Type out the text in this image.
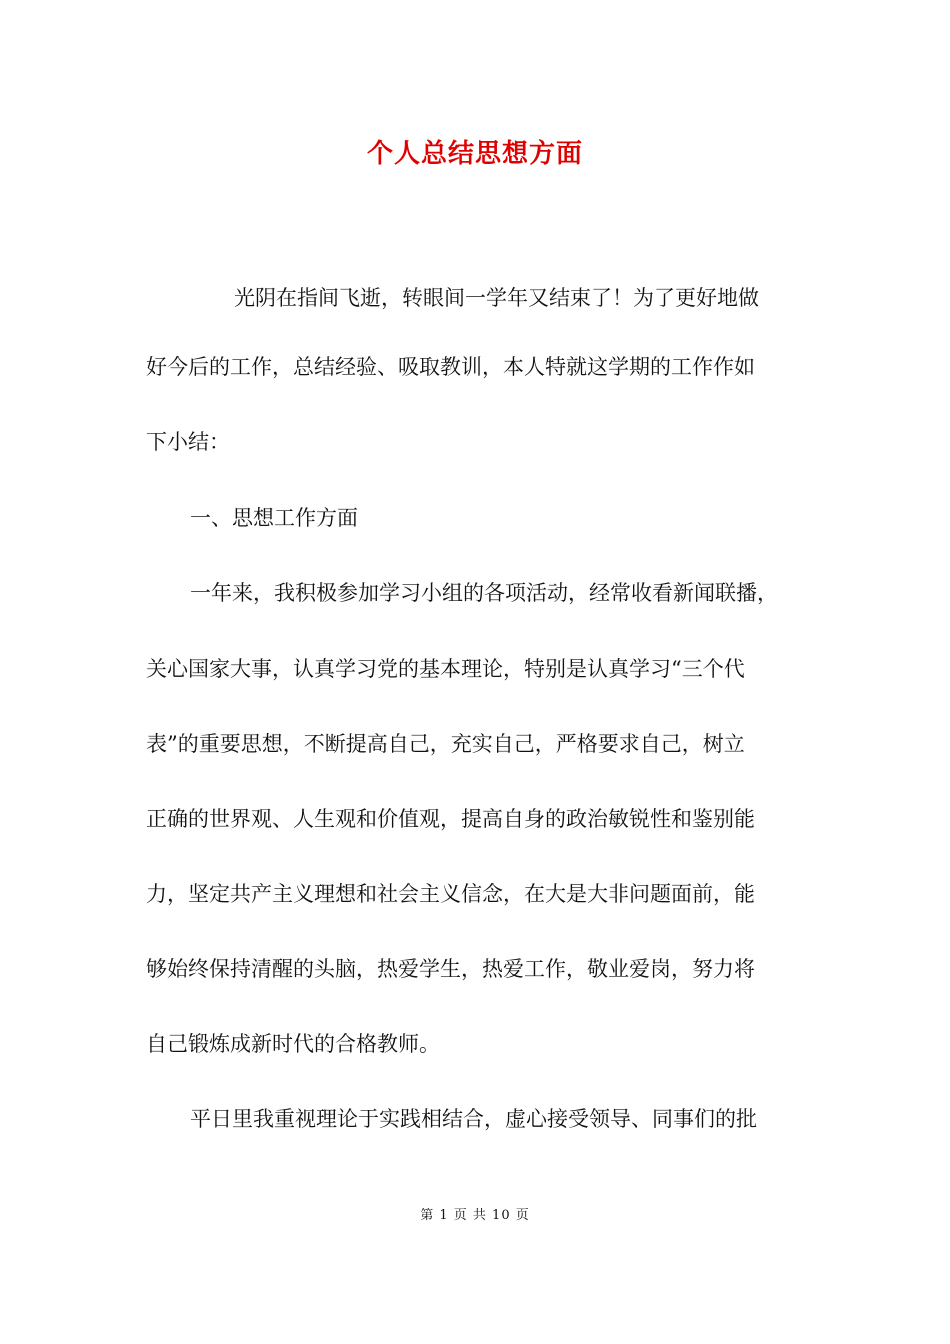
个人总结思想方面
光阴在指间飞逝，转眼间一学年又结束了！为了更好地做
好今后的工作，总结经验、吸取教训，本人特就这学期的工作作如
下小结：
一、思想工作方面
一年来，我积极参加学习小组的各项活动，经常收看新闻联播，
关心国家大事，认真学习党的基本理论，特别是认真学习“三个代
表”的重要思想，不断提高自己，充实自己，严格要求自己，树立
正确的世界观、人生观和价值观，提高自身的政治敏锐性和鉴别能
力，坚定共产主义理想和社会主义信念，在大是大非问题面前，能
够始终保持清醒的头脑，热爱学生，热爱工作，敬业爱岗，努力将
自己锻炼成新时代的合格教师。
平日里我重视理论于实践相结合，虚心接受领导、同事们的批
第 1 页 共 10 页
